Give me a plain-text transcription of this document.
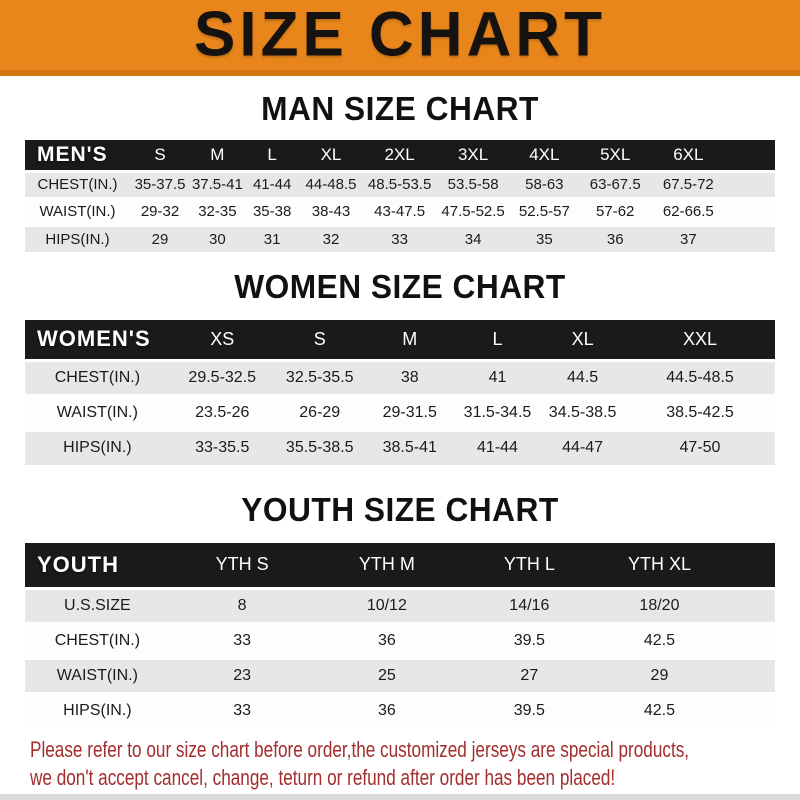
SIZE CHART
MAN SIZE CHART
MEN'S	S	M	L	XL	2XL	3XL	4XL	5XL	6XL	
CHEST(IN.)	35-37.5	37.5-41	41-44	44-48.5	48.5-53.5	53.5-58	58-63	63-67.5	67.5-72	
WAIST(IN.)	29-32	32-35	35-38	38-43	43-47.5	47.5-52.5	52.5-57	57-62	62-66.5	
HIPS(IN.)	29	30	31	32	33	34	35	36	37	
WOMEN SIZE CHART
WOMEN'S	XS	S	M	L	XL	XXL
CHEST(IN.)	29.5-32.5	32.5-35.5	38	41	44.5	44.5-48.5
WAIST(IN.)	23.5-26	26-29	29-31.5	31.5-34.5	34.5-38.5	38.5-42.5
HIPS(IN.)	33-35.5	35.5-38.5	38.5-41	41-44	44-47	47-50
YOUTH SIZE CHART
YOUTH	YTH S	YTH M	YTH L	YTH XL	
U.S.SIZE	8	10/12	14/16	18/20	
CHEST(IN.)	33	36	39.5	42.5	
WAIST(IN.)	23	25	27	29	
HIPS(IN.)	33	36	39.5	42.5	

Please refer to our size chart before order,the customized jerseys are special products,

we don't accept cancel, change, teturn or refund after order has been placed!
